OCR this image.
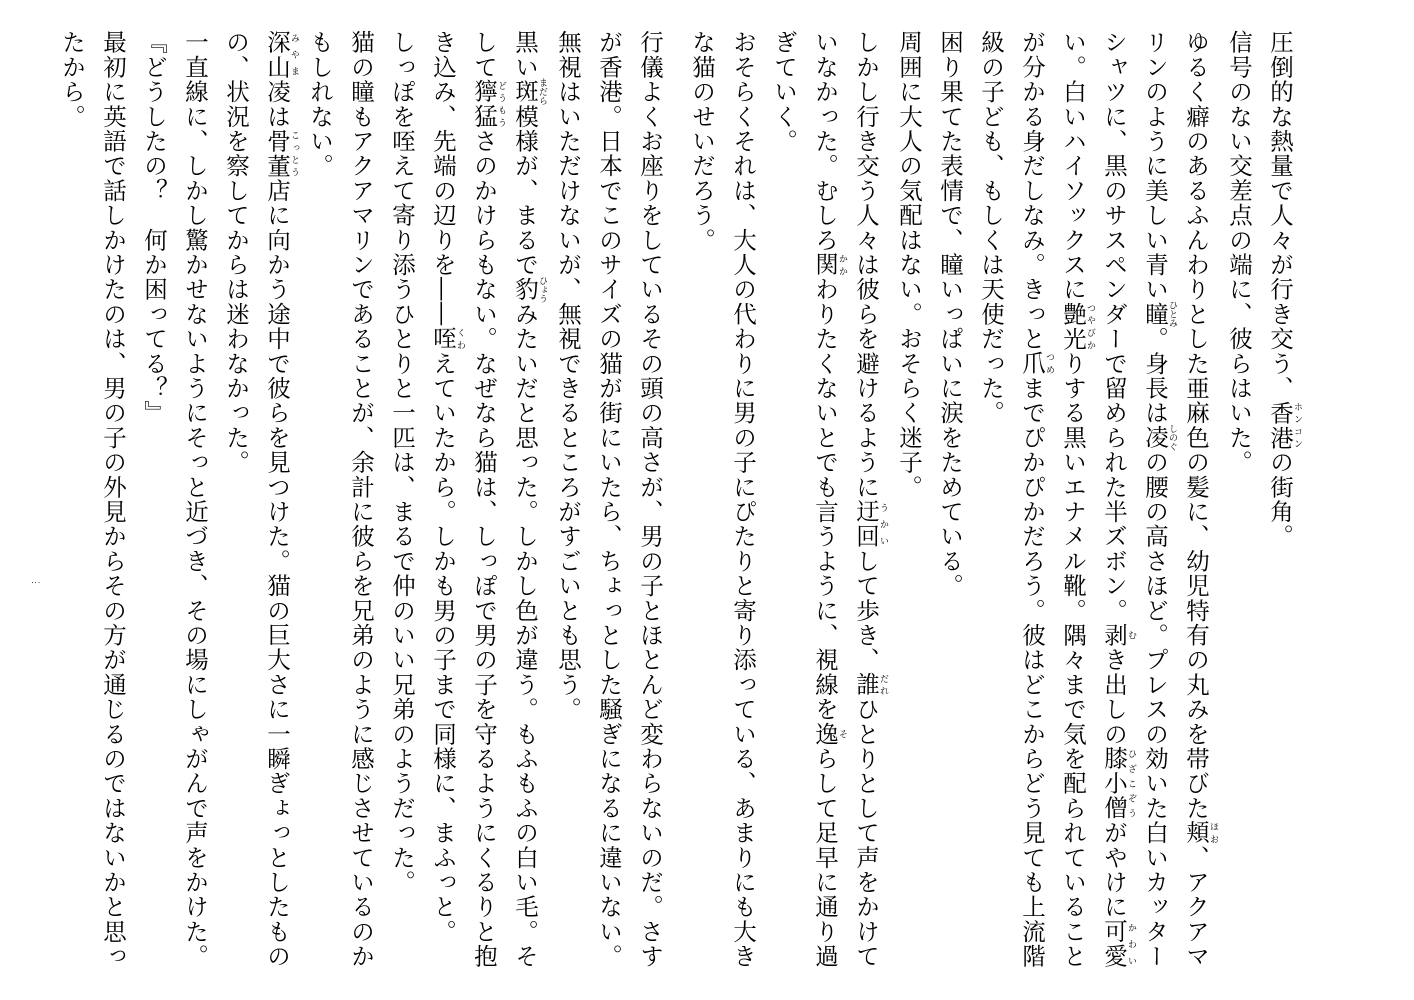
圧倒的な熱量で人々が行き交う、香港ホンコンの街角。

信号のない交差点の端に、彼らはいた。

ゆるく癖のあるふんわりとした亜麻色の髪に、幼児特有の丸みを帯びた頬ほお、アクアマリンのように美しい青い瞳ひとみ。身長は凌しのぐの腰の高さほど。プレスの効いた白いカッターシャツに、黒のサスペンダーで留められた半ズボン。剥むき出しの膝小僧ひざこぞうがやけに可愛かわいい。白いハイソックスに艶光つやびかりする黒いエナメル靴。隅々まで気を配られていることが分かる身だしなみ。きっと爪つめまでぴかぴかだろう。彼はどこからどう見ても上流階級の子ども、もしくは天使だった。

困り果てた表情で、瞳いっぱいに涙をためている。

周囲に大人の気配はない。おそらく迷子。

しかし行き交う人々は彼らを避けるように迂回うかいして歩き、誰だれひとりとして声をかけていなかった。むしろ関かかわりたくないとでも言うように、視線を逸そらして足早に通り過ぎていく。

おそらくそれは、大人の代わりに男の子にぴたりと寄り添っている、あまりにも大きな猫のせいだろう。

行儀よくお座りをしているその頭の高さが、男の子とほとんど変わらないのだ。さすが香港。日本でこのサイズの猫が街にいたら、ちょっとした騒ぎになるに違いない。無視はいただけないが、無視できるところがすごいとも思う。

黒い斑まだら模様が、まるで豹ひょうみたいだと思った。しかし色が違う。もふもふの白い毛。そして獰猛どうもうさのかけらもない。なぜなら猫は、しっぽで男の子を守るようにくるりと抱き込み、先端の辺りを――咥くわえていたから。しかも男の子まで同様に、まふっと。

しっぽを咥えて寄り添うひとりと一匹は、まるで仲のいい兄弟のようだった。

猫の瞳もアクアマリンであることが、余計に彼らを兄弟のように感じさせているのかもしれない。

深山みやま凌は骨董こっとう店に向かう途中で彼らを見つけた。猫の巨大さに一瞬ぎょっとしたものの、状況を察してからは迷わなかった。

一直線に、しかし驚かせないようにそっと近づき、その場にしゃがんで声をかけた。

『どうしたの？　何か困ってる？』

最初に英語で話しかけたのは、男の子の外見からその方が通じるのではないかと思ったから。

⋮
